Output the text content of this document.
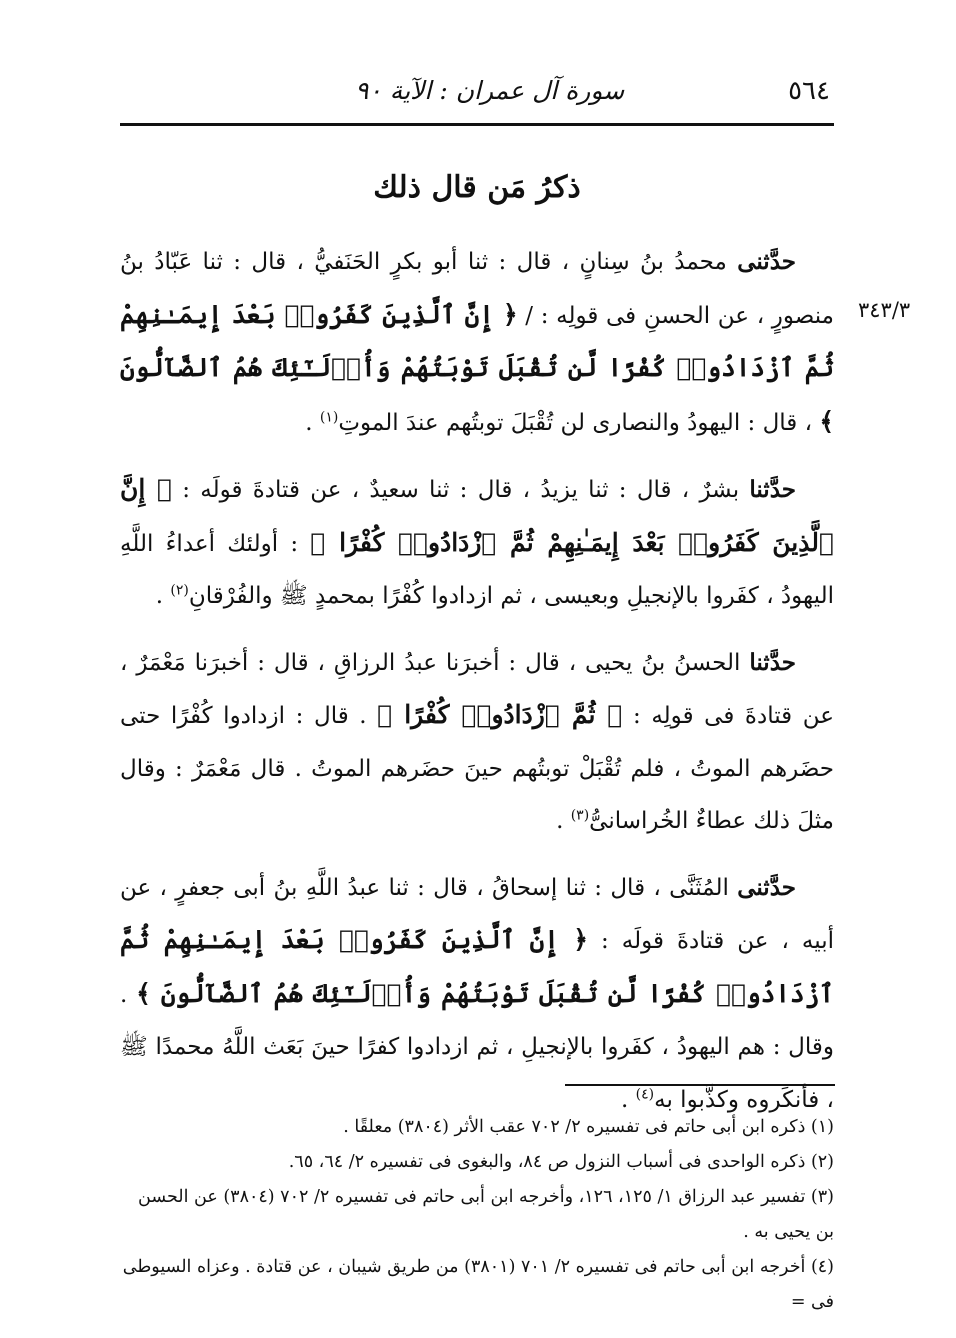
٥٦٤
سورة آل عمران : الآية ٩٠
ذكرُ مَن قال ذلك
٣٤٣/٣

حدَّثنى محمدُ بنُ سِنانٍ ، قال : ثنا أبو بكرٍ الحَنَفيُّ ، قال : ثنا عَبّادُ بنُ منصورٍ ، عن الحسنِ فى قولِه : / ﴿ إِنَّ ٱلَّذِينَ كَفَرُوا۟ بَعْدَ إِيمَـٰنِهِمْ ثُمَّ ٱزْدَادُوا۟ كُفْرًا لَّن تُقْبَلَ تَوْبَتُهُمْ وَأُو۟لَـٰٓئِكَ هُمُ ٱلضَّآلُّونَ ﴾ ، قال : اليهودُ والنصارى لن تُقْبَلَ توبتُهم عندَ الموتِ$^{(١)}$ .

حدَّثنا بشرٌ ، قال : ثنا يزيدُ ، قال : ثنا سعيدٌ ، عن قتادةَ قولَه : ﴿ إِنَّ ٱلَّذِينَ كَفَرُوا۟ بَعْدَ إِيمَـٰنِهِمْ ثُمَّ ٱزْدَادُوا۟ كُفْرًا ﴾ : أولئك أعداءُ اللَّهِ اليهودُ ، كفَروا بالإنجيلِ وبعيسى ، ثم ازدادوا كُفْرًا بمحمدٍ ﷺ والفُرْقانِ$^{(٢)}$ .

حدَّثنا الحسنُ بنُ يحيى ، قال : أخبرَنا عبدُ الرزاقِ ، قال : أخبرَنا مَعْمَرٌ ، عن قتادةَ فى قولِه : ﴿ ثُمَّ ٱزْدَادُوا۟ كُفْرًا ﴾ . قال : ازدادوا كُفْرًا حتى حضَرهم الموتُ ، فلم تُقْبَلْ توبتُهم حينَ حضَرهم الموتُ . قال مَعْمَرٌ : وقال مثلَ ذلك عطاءٌ الخُراسانىُّ$^{(٣)}$ .

حدَّثنى المُثَنَّى ، قال : ثنا إسحاقُ ، قال : ثنا عبدُ اللَّهِ بنُ أبى جعفرٍ ، عن أبيه ، عن قتادةَ قولَه : ﴿ إِنَّ ٱلَّذِينَ كَفَرُوا۟ بَعْدَ إِيمَـٰنِهِمْ ثُمَّ ٱزْدَادُوا۟ كُفْرًا لَّن تُقْبَلَ تَوْبَتُهُمْ وَأُو۟لَـٰٓئِكَ هُمُ ٱلضَّآلُّونَ ﴾ . وقال : هم اليهودُ ، كفَروا بالإنجيلِ ، ثم ازدادوا كفرًا حينَ بَعَث اللَّهُ محمدًا ﷺ ، فأنكَروه وكذَّبوا به$^{(٤)}$ .

(١) ذكره ابن أبى حاتم فى تفسيره ٢/ ٧٠٢ عقب الأثر (٣٨٠٤) معلقًا .

(٢) ذكره الواحدى فى أسباب النزول ص ٨٤، والبغوى فى تفسيره ٢/ ٦٤، ٦٥.

(٣) تفسير عبد الرزاق ١/ ١٢٥، ١٢٦، وأخرجه ابن أبى حاتم فى تفسيره ٢/ ٧٠٢ (٣٨٠٤) عن الحسن بن يحيى به .

(٤) أخرجه ابن أبى حاتم فى تفسيره ٢/ ٧٠١ (٣٨٠١) من طريق شيبان ، عن قتادة . وعزاه السيوطى فى =
